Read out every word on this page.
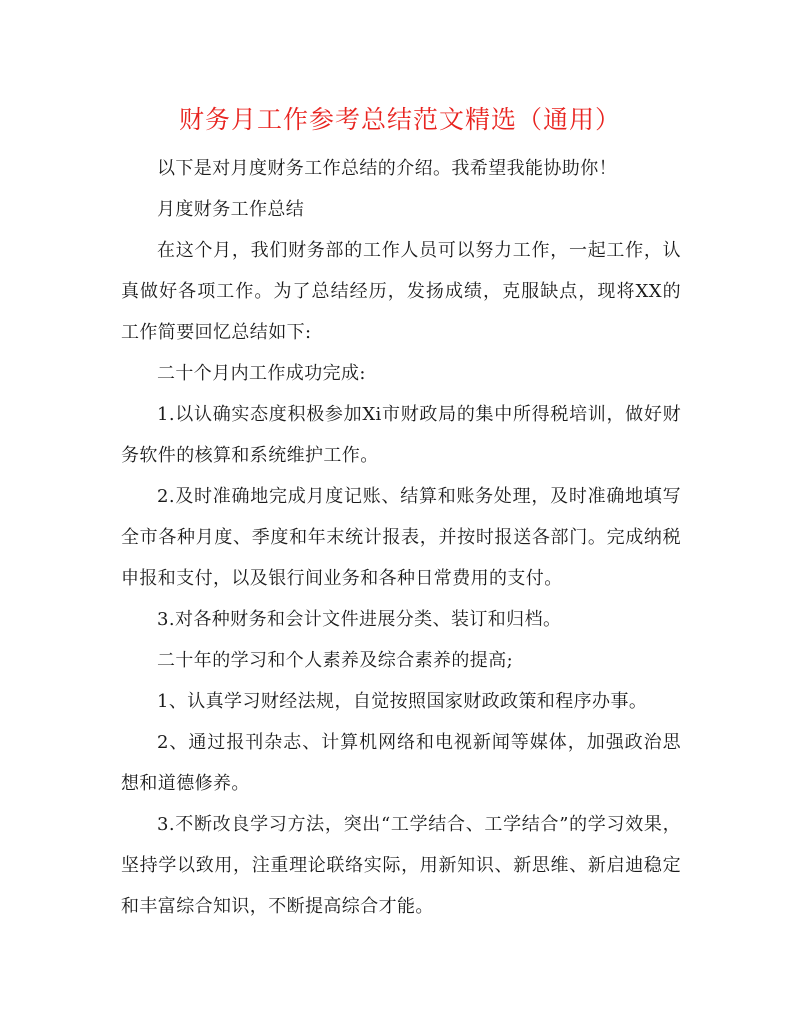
财务月工作参考总结范文精选（通用）

以下是对月度财务工作总结的介绍。我希望我能协助你！

月度财务工作总结

在这个月，我们财务部的工作人员可以努力工作，一起工作，认真做好各项工作。为了总结经历，发扬成绩，克服缺点，现将XX的工作简要回忆总结如下:

二十个月内工作成功完成:

1.以认确实态度积极参加Xi市财政局的集中所得税培训，做好财务软件的核算和系统维护工作。

2.及时准确地完成月度记账、结算和账务处理，及时准确地填写全市各种月度、季度和年末统计报表，并按时报送各部门。完成纳税申报和支付，以及银行间业务和各种日常费用的支付。

3.对各种财务和会计文件进展分类、装订和归档。

二十年的学习和个人素养及综合素养的提高;

1、认真学习财经法规，自觉按照国家财政政策和程序办事。

2、通过报刊杂志、计算机网络和电视新闻等媒体，加强政治思想和道德修养。

3.不断改良学习方法，突出“工学结合、工学结合”的学习效果，坚持学以致用，注重理论联络实际，用新知识、新思维、新启迪稳定和丰富综合知识，不断提高综合才能。
